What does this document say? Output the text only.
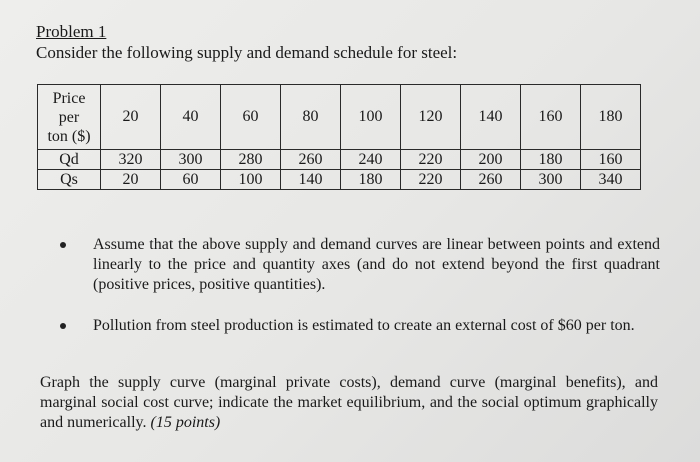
Problem 1
Consider the following supply and demand schedule for steel:
Price
per
ton ($)	20	40	60	80	100	120	140	160	180
Qd	320	300	280	260	240	220	200	180	160
Qs	20	60	100	140	180	220	260	300	340
Assume that the above supply and demand curves are linear between points and extend linearly to the price and quantity axes (and do not extend beyond the first quadrant (positive prices, positive quantities).
Pollution from steel production is estimated to create an external cost of $60 per ton.
Graph the supply curve (marginal private costs), demand curve (marginal benefits), and marginal social cost curve; indicate the market equilibrium, and the social optimum graphically and numerically. (15 points)
